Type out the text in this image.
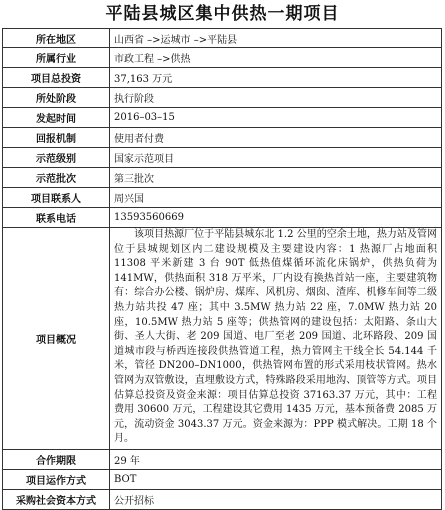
平陆县城区集中供热一期项目
所在地区	山西省 –>运城市 –>平陆县
所属行业	市政工程 –>供热
项目总投资	37,163 万元
所处阶段	执行阶段
发起时间	2016–03–15
回报机制	使用者付费
示范级别	国家示范项目
示范批次	第三批次
项目联系人	周兴国
联系电话	13593560669
项目概况	该项目热源厂位于平陆县城东北 1.2 公里的空余土地，热力站及管网位于县城规划区内二建设规模及主要建设内容：1 热源厂占地面积 11308 平米新建 3 台 90T 低热值煤循环流化床锅炉，供热负荷为 141MW，供热面积 318 万平米，厂内设有换热首站一座，主要建筑物有：综合办公楼、锅炉房、煤库、风机房、烟囱、渣库、机修车间等二级热力站共投 47 座；其中 3.5MW 热力站 22 座，7.0MW 热力站 20 座，10.5MW 热力站 5 座等；供热管网的建设包括：太阳路、条山大街、圣人大街、老 209 国道、电厂至老 209 国道、北环路段、209 国道城市段与桥西连接段供热管道工程，热力管网主干线全长 54.144 千米，管径 DN200–DN1000，供热管网布置的形式采用枝状管网。热水管网为双管敷设，直埋敷设方式，特殊路段采用地沟、顶管等方式。项目估算总投资及资金来源：项目估算总投资 37163.37 万元，其中：工程费用 30600 万元，工程建设其它费用 1435 万元，基本预备费 2085 万元，流动资金 3043.37 万元。资金来源为：PPP 模式解决。工期 18 个月。
合作期限	29 年
项目运作方式	BOT
采购社会资本方式	公开招标
